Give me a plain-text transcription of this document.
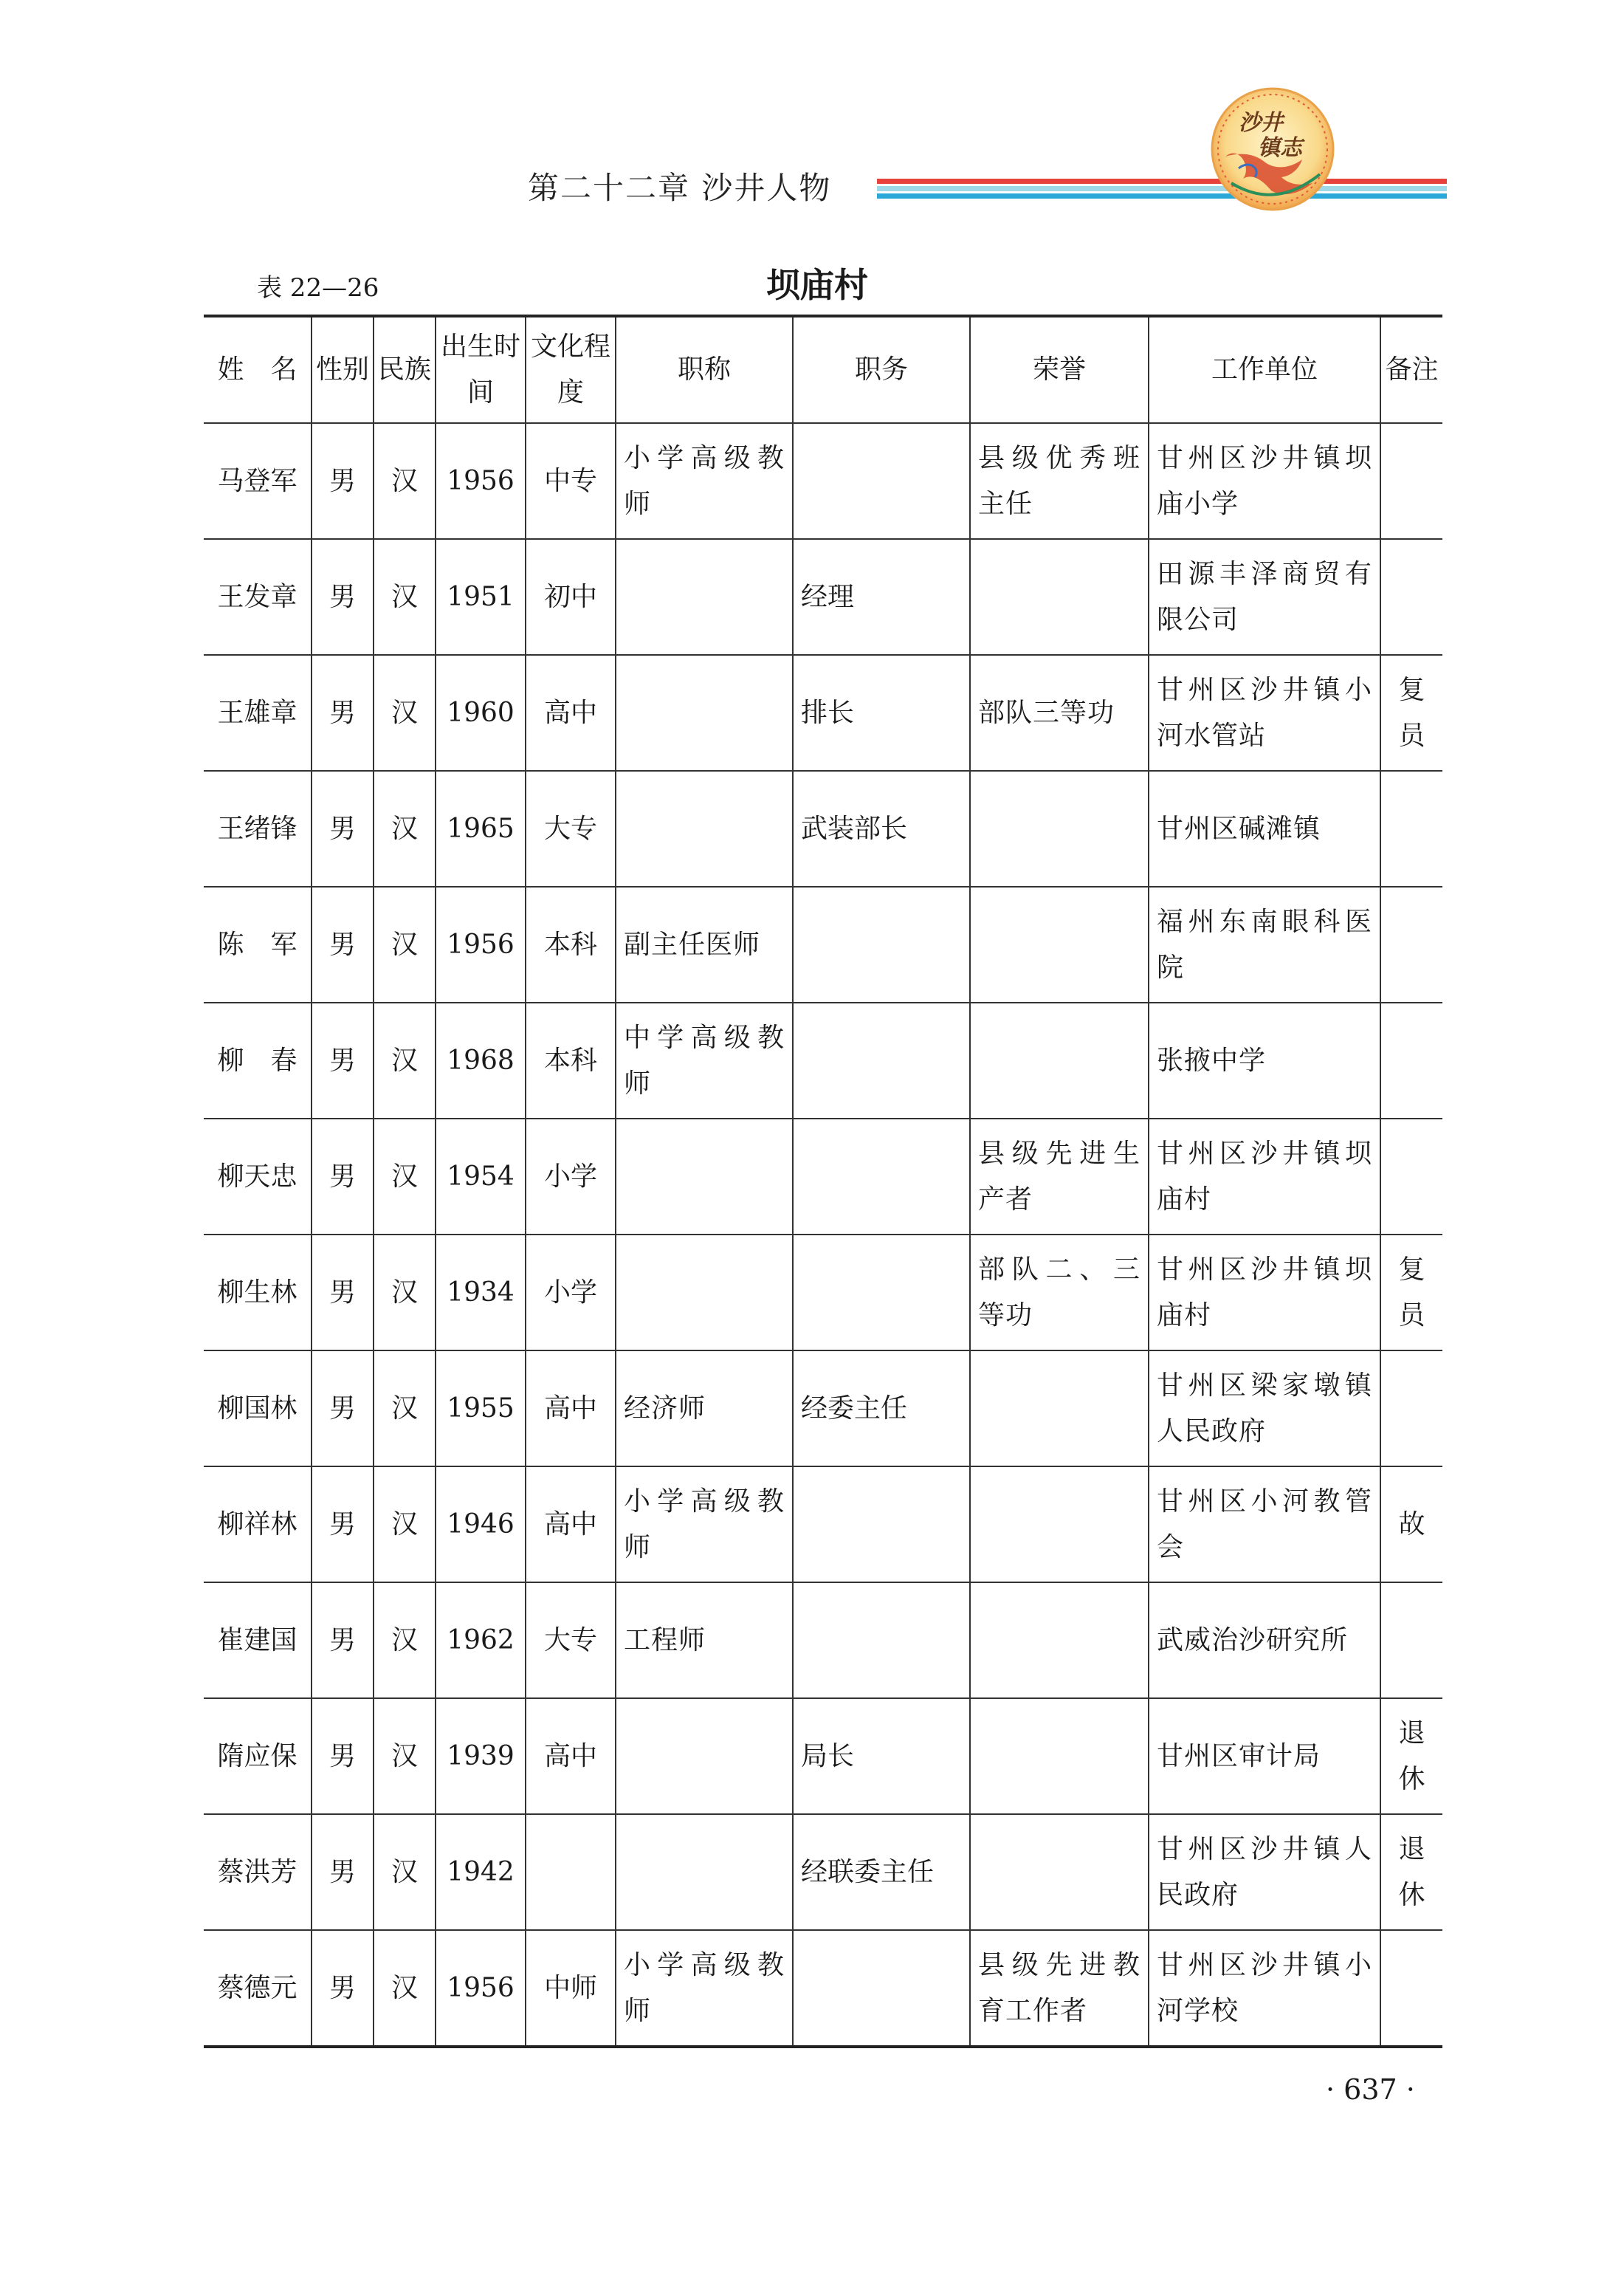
第二十二章 沙井人物
沙井
镇志
表 22—26	坝庙村
姓　名	性别	民族	出生时间	文化程度	职称	职务	荣誉	工作单位	备注
马登军	男	汉	1956	中专	小学高级教师		县级优秀班主任	甘州区沙井镇坝庙小学	
王发章	男	汉	1951	初中		经理		田源丰泽商贸有限公司	
王雄章	男	汉	1960	高中		排长	部队三等功	甘州区沙井镇小河水管站	复员
王绪锋	男	汉	1965	大专		武装部长		甘州区碱滩镇	
陈　军	男	汉	1956	本科	副主任医师			福州东南眼科医院	
柳　春	男	汉	1968	本科	中学高级教师			张掖中学	
柳天忠	男	汉	1954	小学			县级先进生产者	甘州区沙井镇坝庙村	
柳生林	男	汉	1934	小学			部队二、三等功	甘州区沙井镇坝庙村	复员
柳国林	男	汉	1955	高中	经济师	经委主任		甘州区梁家墩镇人民政府	
柳祥林	男	汉	1946	高中	小学高级教师			甘州区小河教管会	故
崔建国	男	汉	1962	大专	工程师			武威治沙研究所	
隋应保	男	汉	1939	高中		局长		甘州区审计局	退休
蔡洪芳	男	汉	1942			经联委主任		甘州区沙井镇人民政府	退休
蔡德元	男	汉	1956	中师	小学高级教师		县级先进教育工作者	甘州区沙井镇小河学校	
· 637 ·
